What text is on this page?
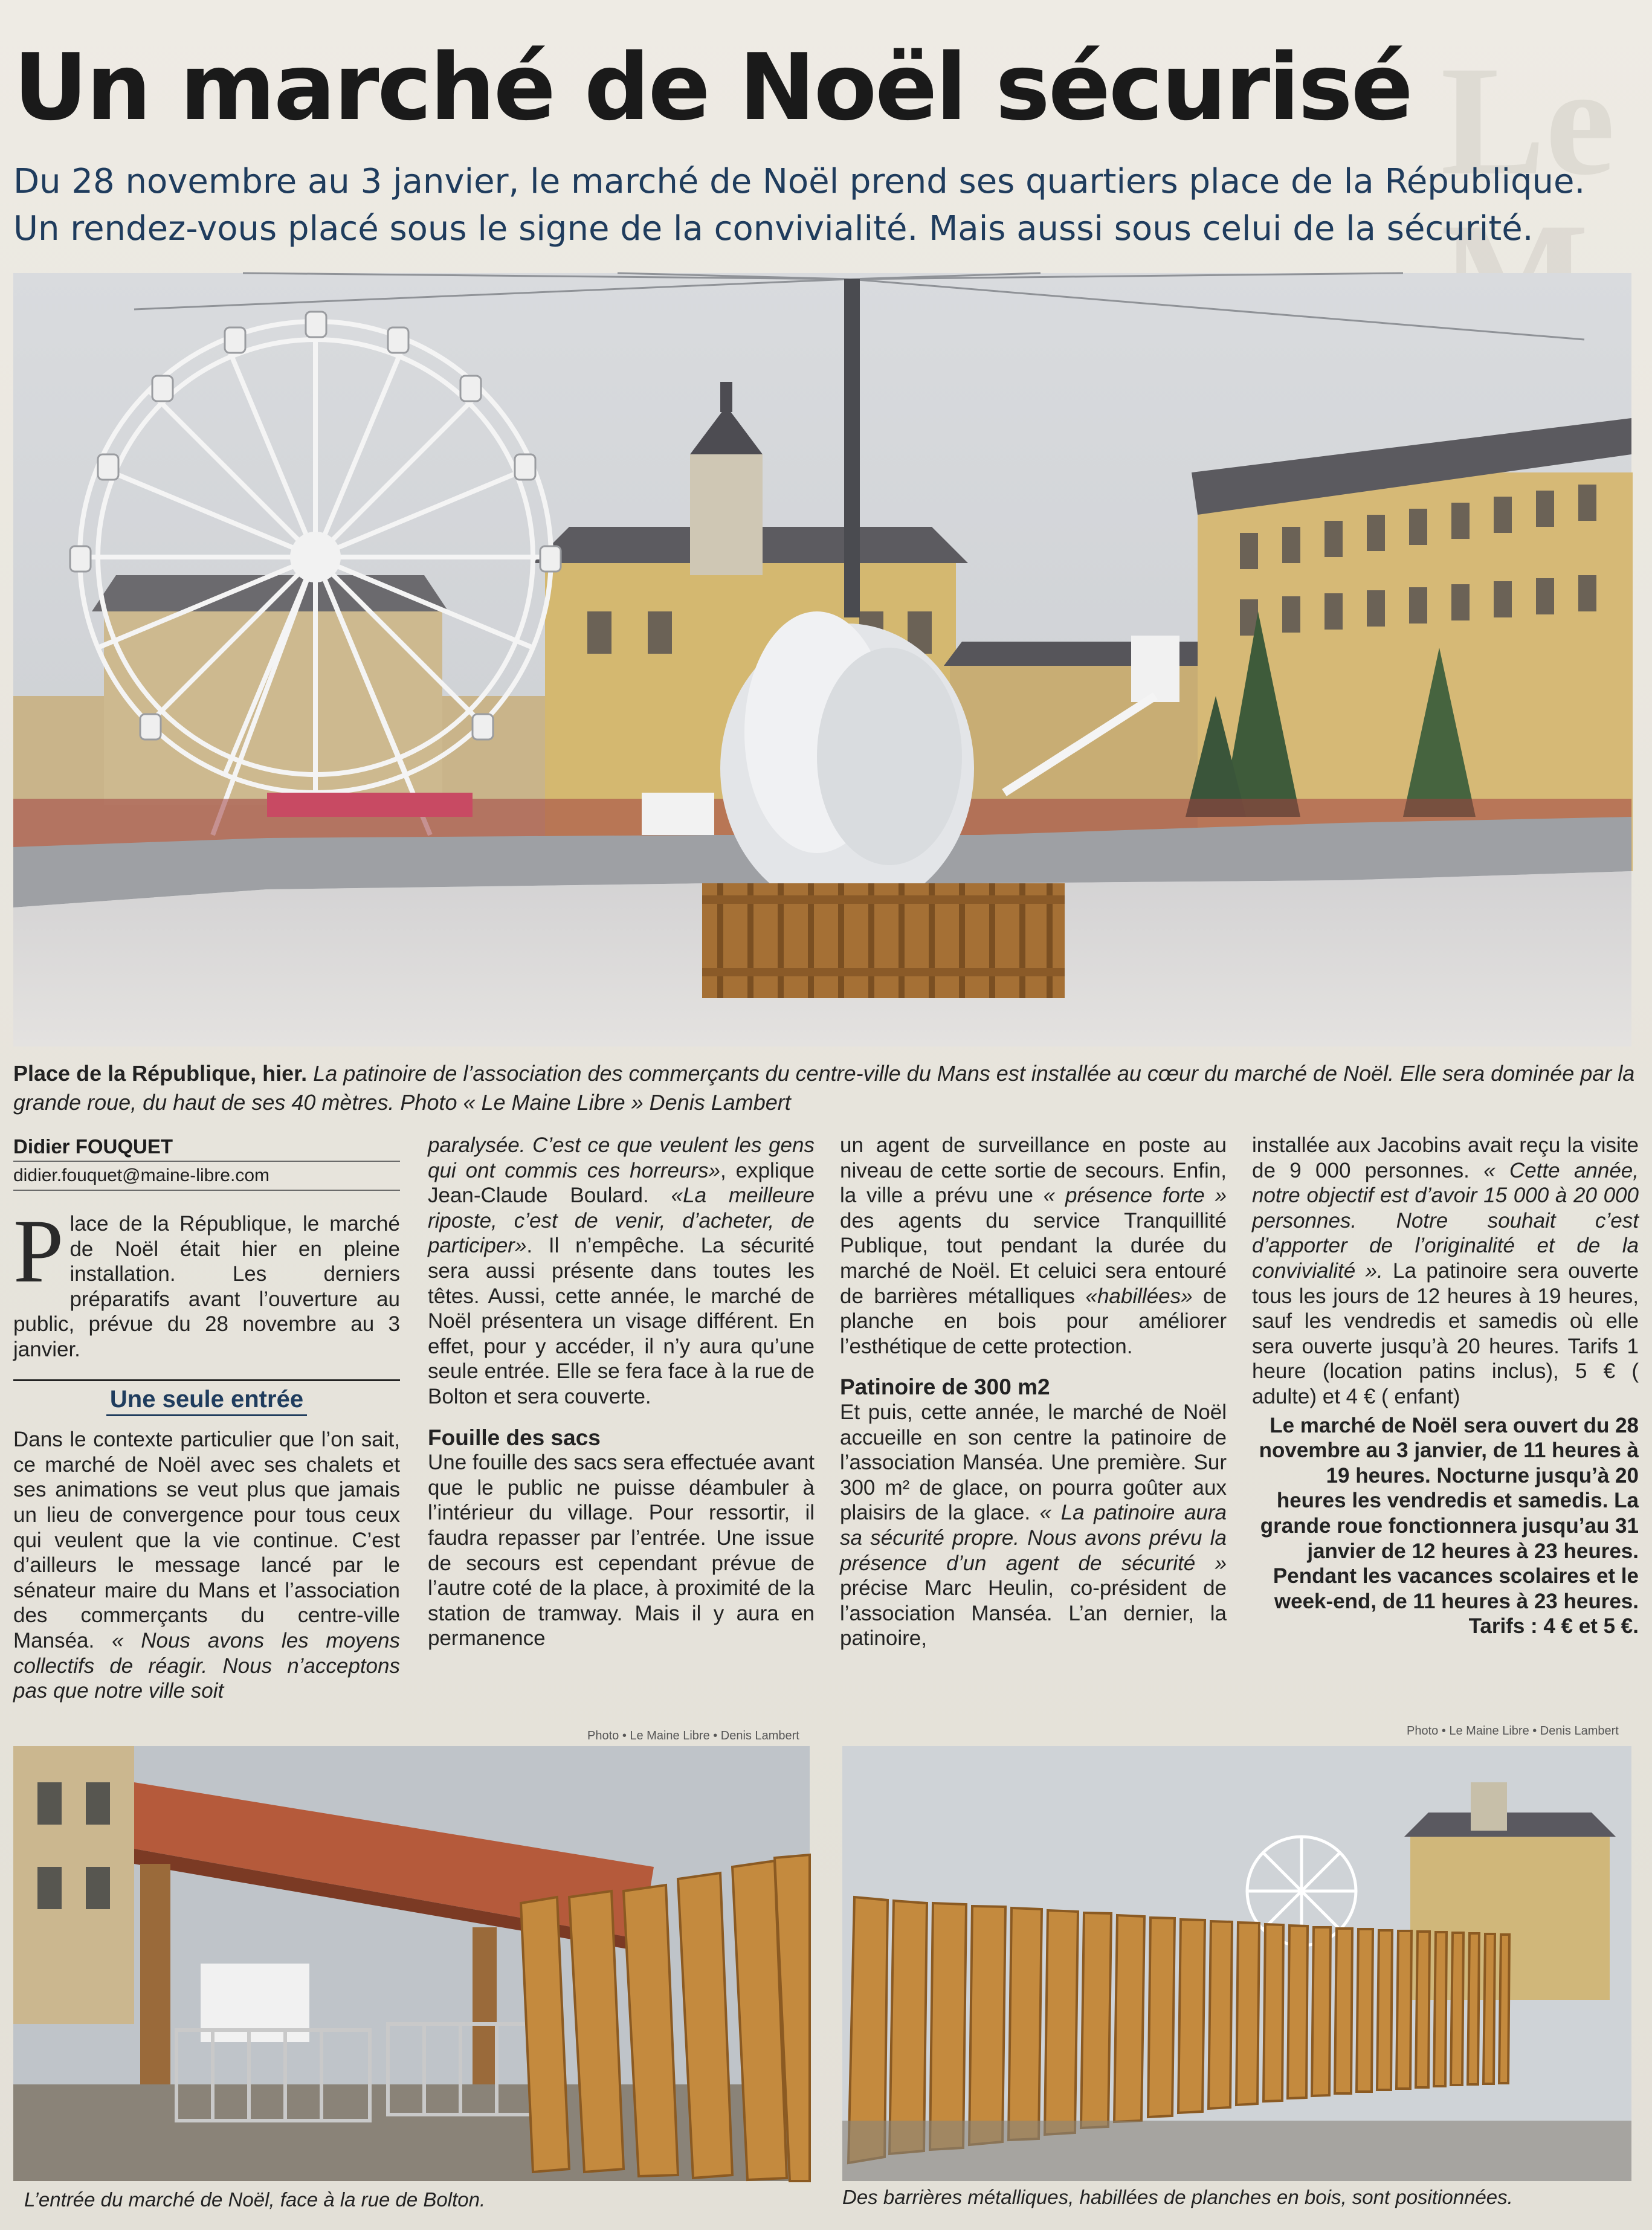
Le
Un marché de Noël sécurisé

Du 28 novembre au 3 janvier, le marché de Noël prend ses quartiers place de la République.

Un rendez-vous placé sous le signe de la convivialité. Mais aussi sous celui de la sécurité.

Place de la République, hier. La patinoire de l’association des commerçants du centre-ville du Mans est installée au cœur du marché de Noël. Elle sera dominée par la grande roue, du haut de ses 40 mètres. Photo « Le Maine Libre » Denis Lambert
Didier FOUQUET
didier.fouquet@maine-libre.com

Place de la République, le marché de Noël était hier en pleine installation. Les derniers préparatifs avant l’ouverture au public, prévue du 28 novembre au 3 janvier.

Une seule entrée

Dans le contexte particulier que l’on sait, ce marché de Noël avec ses chalets et ses animations se veut plus que jamais un lieu de convergence pour tous ceux qui veulent que la vie continue. C’est d’ailleurs le message lancé par le sénateur maire du Mans et l’association des commerçants du centre-ville Manséa. « Nous avons les moyens collectifs de réagir. Nous n’acceptons pas que notre ville soit

paralysée. C’est ce que veulent les gens qui ont commis ces horreurs», explique Jean-Claude Boulard. «La meilleure riposte, c’est de venir, d’acheter, de participer». Il n’empêche. La sécurité sera aussi présente dans toutes les têtes. Aussi, cette année, le marché de Noël présentera un visage différent. En effet, pour y accéder, il n’y aura qu’une seule entrée. Elle se fera face à la rue de Bolton et sera couverte.

Fouille des sacs

Une fouille des sacs sera effectuée avant que le public ne puisse déambuler à l’intérieur du village. Pour ressortir, il faudra repasser par l’entrée. Une issue de secours est cependant prévue de l’autre coté de la place, à proximité de la station de tramway. Mais il y aura en permanence

un agent de surveillance en poste au niveau de cette sortie de secours. Enfin, la ville a prévu une « présence forte » des agents du service Tranquillité Publique, tout pendant la durée du marché de Noël. Et celuici sera entouré de barrières métalliques «habillées» de planche en bois pour améliorer l’esthétique de cette protection.

Patinoire de 300 m2

Et puis, cette année, le marché de Noël accueille en son centre la patinoire de l’association Manséa. Une première. Sur 300 m² de glace, on pourra goûter aux plaisirs de la glace. « La patinoire aura sa sécurité propre. Nous avons prévu la présence d’un agent de sécurité » précise Marc Heulin, co-président de l’association Manséa. L’an dernier, la patinoire,

installée aux Jacobins avait reçu la visite de 9 000 personnes. « Cette année, notre objectif est d’avoir 15 000 à 20 000 personnes. Notre souhait c’est d’apporter de l’originalité et de la convivialité ». La patinoire sera ouverte tous les jours de 12 heures à 19 heures, sauf les vendredis et samedis où elle sera ouverte jusqu’à 20 heures. Tarifs 1 heure (location patins inclus), 5 € ( adulte) et 4 € ( enfant)

Le marché de Noël sera ouvert du 28 novembre au 3 janvier, de 11 heures à 19 heures. Nocturne jusqu’à 20 heures les vendredis et samedis. La grande roue fonctionnera jusqu’au 31 janvier de 12 heures à 23 heures. Pendant les vacances scolaires et le week-end, de 11 heures à 23 heures. Tarifs : 4 € et 5 €.

Photo • Le Maine Libre • Denis Lambert	Photo • Le Maine Libre • Denis Lambert
L’entrée du marché de Noël, face à la rue de Bolton.	Des barrières métalliques, habillées de planches en bois, sont positionnées.
